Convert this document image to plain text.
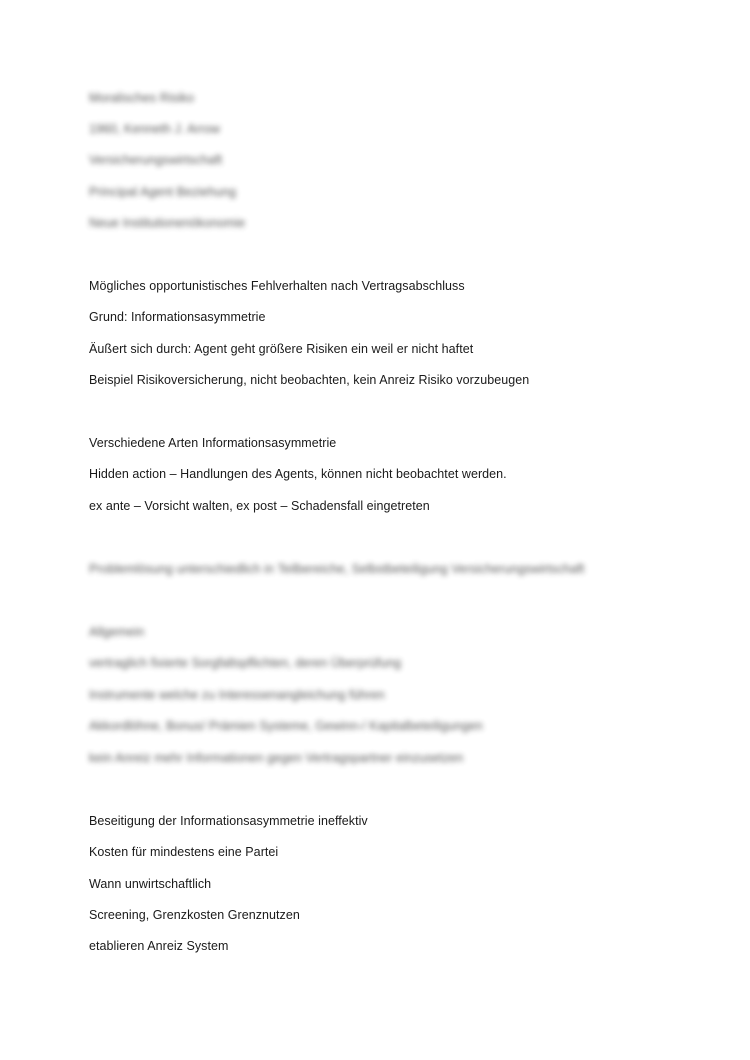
Moralisches Risiko
1960, Kenneth J. Arrow
Versicherungswirtschaft
Principal Agent Beziehung
Neue Institutionenökonomie
Mögliches opportunistisches Fehlverhalten nach Vertragsabschluss
Grund: Informationsasymmetrie
Äußert sich durch: Agent geht größere Risiken ein weil er nicht haftet
Beispiel Risikoversicherung, nicht beobachten, kein Anreiz Risiko vorzubeugen
Verschiedene Arten Informationsasymmetrie
Hidden action – Handlungen des Agents, können nicht beobachtet werden.
ex ante – Vorsicht walten, ex post – Schadensfall eingetreten
Problemlösung unterschiedlich in Teilbereiche, Selbstbeteiligung Versicherungswirtschaft
Allgemein
vertraglich fixierte Sorgfaltspflichten, deren Überprüfung
Instrumente welche zu Interessenangleichung führen
Akkordlöhne, Bonus/ Prämien Systeme, Gewinn-/ Kapitalbeteiligungen
kein Anreiz mehr Informationen gegen Vertragspartner einzusetzen
Beseitigung der Informationsasymmetrie ineffektiv
Kosten für mindestens eine Partei
Wann unwirtschaftlich
Screening, Grenzkosten Grenznutzen
etablieren Anreiz System
